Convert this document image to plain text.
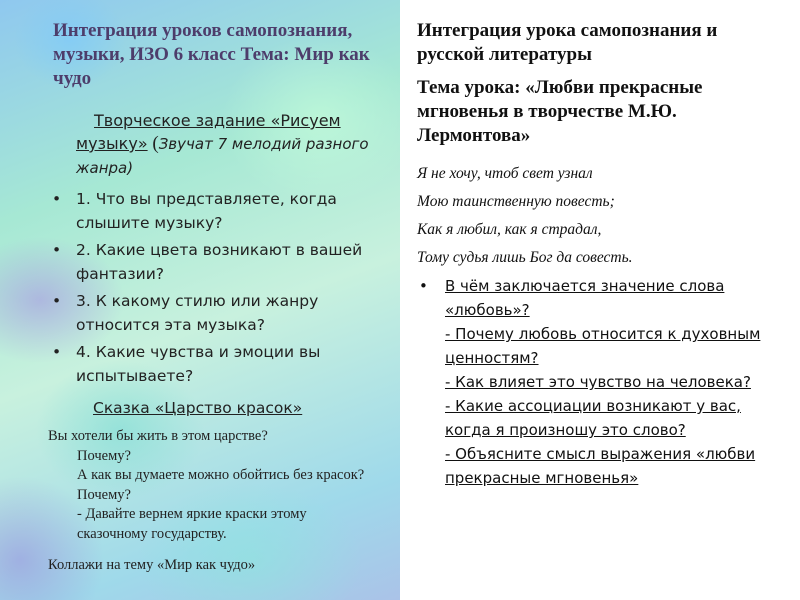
Интеграция уроков самопознания, музыки, ИЗО 6 класс Тема: Мир как чудо
Творческое задание «Рисуем музыку» (Звучат 7 мелодий разного жанра)
• 1. Что вы представляете, когда слышите музыку?
• 2. Какие цвета возникают в вашей фантазии?
• 3. К какому стилю или жанру относится эта музыка?
• 4. Какие чувства и эмоции вы испытываете?
Сказка «Царство красок»
Вы хотели бы жить в этом царстве?
Почему?
А как вы думаете можно обойтись без красок? Почему?
- Давайте вернем яркие краски этому сказочному государству.
Коллажи на тему «Мир как чудо»
Интеграция урока самопознания и русской литературы
Тема урока: «Любви прекрасные мгновенья в творчестве М.Ю. Лермонтова»
Я не хочу, чтоб свет узнал
Мою таинственную повесть;
Как я любил, как я страдал,
Тому судья лишь Бог да совесть.
• В чём заключается значение слова «любовь»?
- Почему любовь относится к духовным ценностям?
- Как влияет это чувство на человека?
- Какие ассоциации возникают у вас, когда я произношу это слово?
- Объясните смысл выражения «любви прекрасные мгновенья»
